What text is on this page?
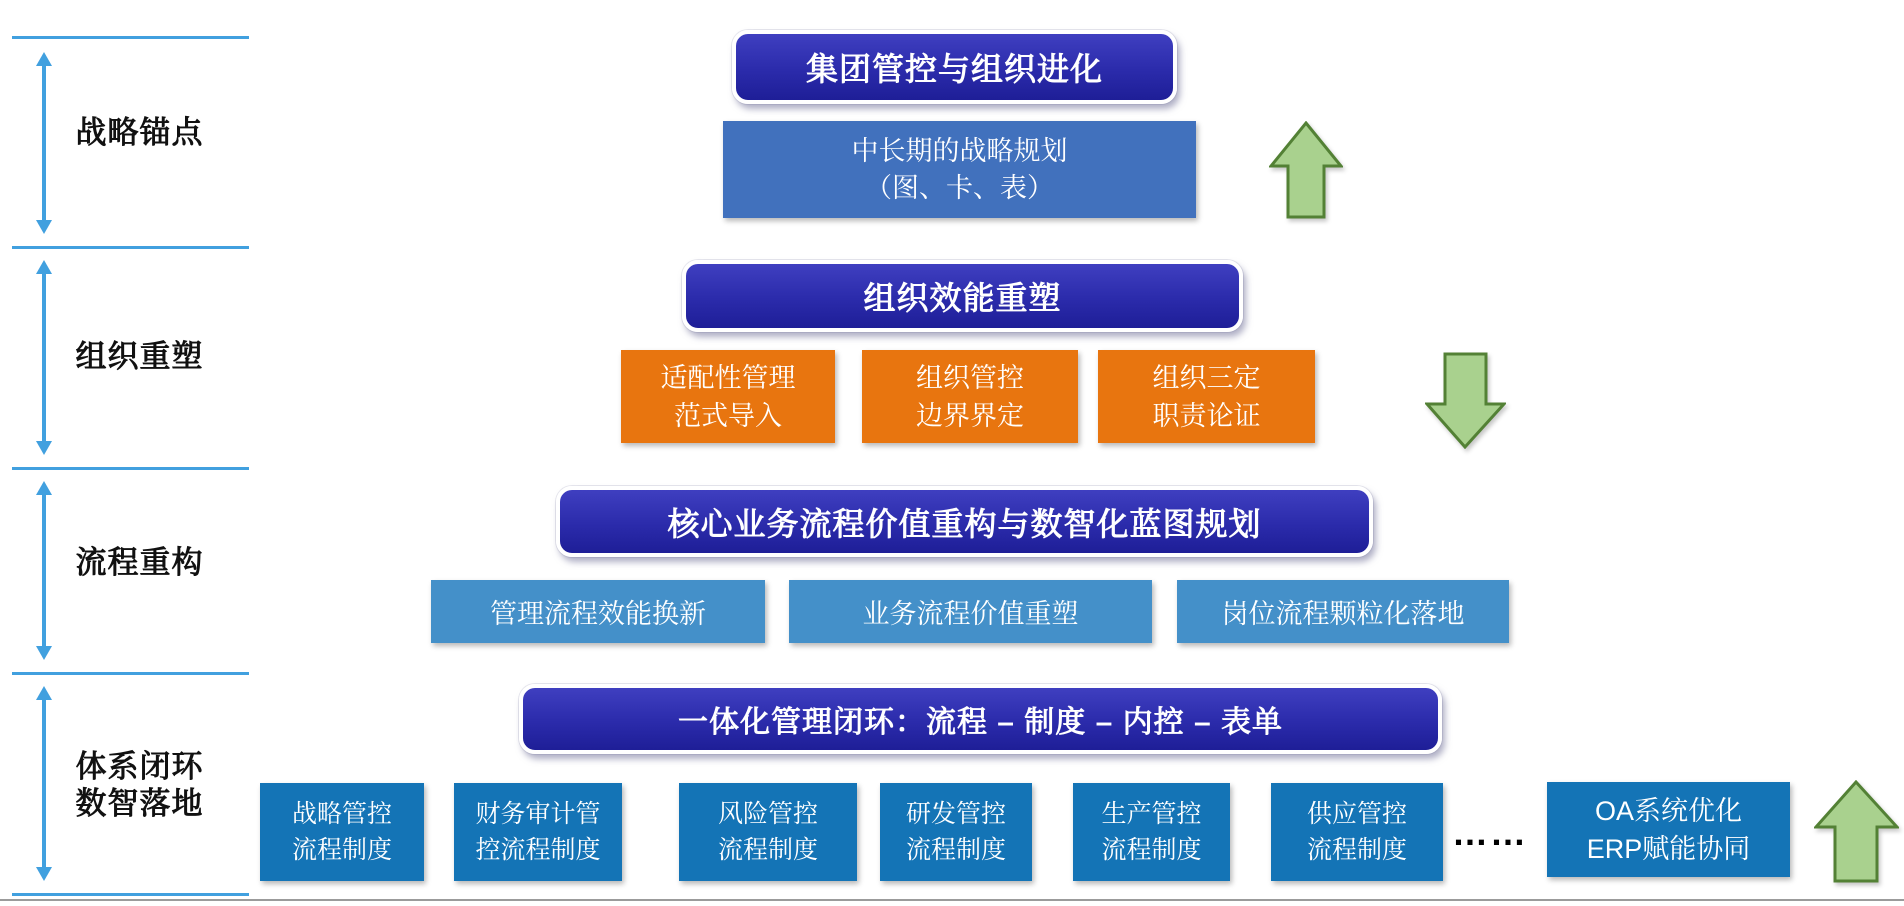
战略锚点
组织重塑
流程重构
体系闭环
数智落地
集团管控与组织进化
中长期的战略规划
（图、卡、表）
组织效能重塑
适配性管理
范式导入
组织管控
边界界定
组织三定
职责论证
核心业务流程价值重构与数智化蓝图规划
管理流程效能换新	业务流程价值重塑	岗位流程颗粒化落地
一体化管理闭环：流程 – 制度 – 内控 – 表单
战略管控
流程制度
财务审计管
控流程制度
风险管控
流程制度
研发管控
流程制度
生产管控
流程制度
供应管控
流程制度 ……
OA系统优化
ERP赋能协同
